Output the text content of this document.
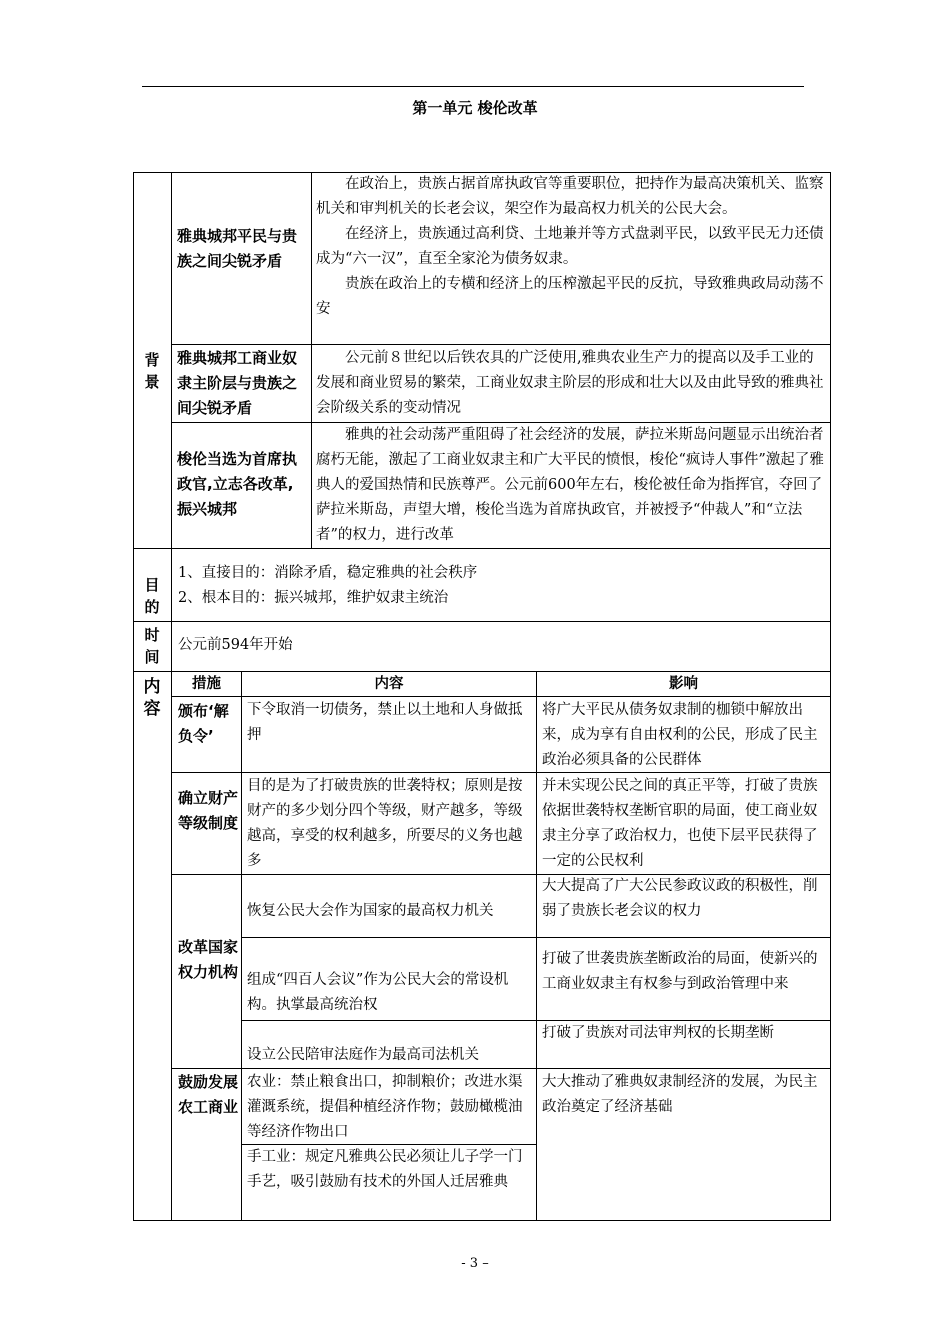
第一单元 梭伦改革
背景
目的
时间
内容
雅典城邦平民与贵族之间尖锐矛盾
在政治上，贵族占据首席执政官等重要职位，把持作为最高决策机关、监察机关和审判机关的长老会议，架空作为最高权力机关的公民大会。
在经济上，贵族通过高利贷、土地兼并等方式盘剥平民，以致平民无力还债成为“六一汉”，直至全家沦为债务奴隶。
贵族在政治上的专横和经济上的压榨激起平民的反抗，导致雅典政局动荡不安
雅典城邦工商业奴隶主阶层与贵族之间尖锐矛盾
公元前８世纪以后铁农具的广泛使用,雅典农业生产力的提高以及手工业的发展和商业贸易的繁荣，工商业奴隶主阶层的形成和壮大以及由此导致的雅典社会阶级关系的变动情况
梭伦当选为首席执政官,立志各改革,振兴城邦
雅典的社会动荡严重阻碍了社会经济的发展，萨拉米斯岛问题显示出统治者腐朽无能，激起了工商业奴隶主和广大平民的愤恨，梭伦“疯诗人事件”激起了雅典人的爱国热情和民族尊严。公元前600年左右，梭伦被任命为指挥官，夺回了萨拉米斯岛，声望大增，梭伦当选为首席执政官，并被授予“仲裁人”和“立法者”的权力，进行改革
1、直接目的：消除矛盾，稳定雅典的社会秩序
2、根本目的：振兴城邦，维护奴隶主统治
公元前594年开始
措施	内容	影响
颁布‘解负令’
下令取消一切债务，禁止以土地和人身做抵押
将广大平民从债务奴隶制的枷锁中解放出来，成为享有自由权利的公民，形成了民主政治必须具备的公民群体
确立财产等级制度
目的是为了打破贵族的世袭特权；原则是按财产的多少划分四个等级，财产越多，等级越高，享受的权利越多，所要尽的义务也越多
并未实现公民之间的真正平等，打破了贵族依据世袭特权垄断官职的局面，使工商业奴隶主分享了政治权力，也使下层平民获得了一定的公民权利
改革国家权力机构
恢复公民大会作为国家的最高权力机关
大大提高了广大公民参政议政的积极性，削弱了贵族长老会议的权力
组成“四百人会议”作为公民大会的常设机构。执掌最高统治权
打破了世袭贵族垄断政治的局面，使新兴的工商业奴隶主有权参与到政治管理中来
设立公民陪审法庭作为最高司法机关
打破了贵族对司法审判权的长期垄断
鼓励发展农工商业
农业：禁止粮食出口，抑制粮价；改进水渠灌溉系统，提倡种植经济作物；鼓励橄榄油等经济作物出口
手工业：规定凡雅典公民必须让儿子学一门手艺，吸引鼓励有技术的外国人迁居雅典
大大推动了雅典奴隶制经济的发展，为民主政治奠定了经济基础
- 3 –
